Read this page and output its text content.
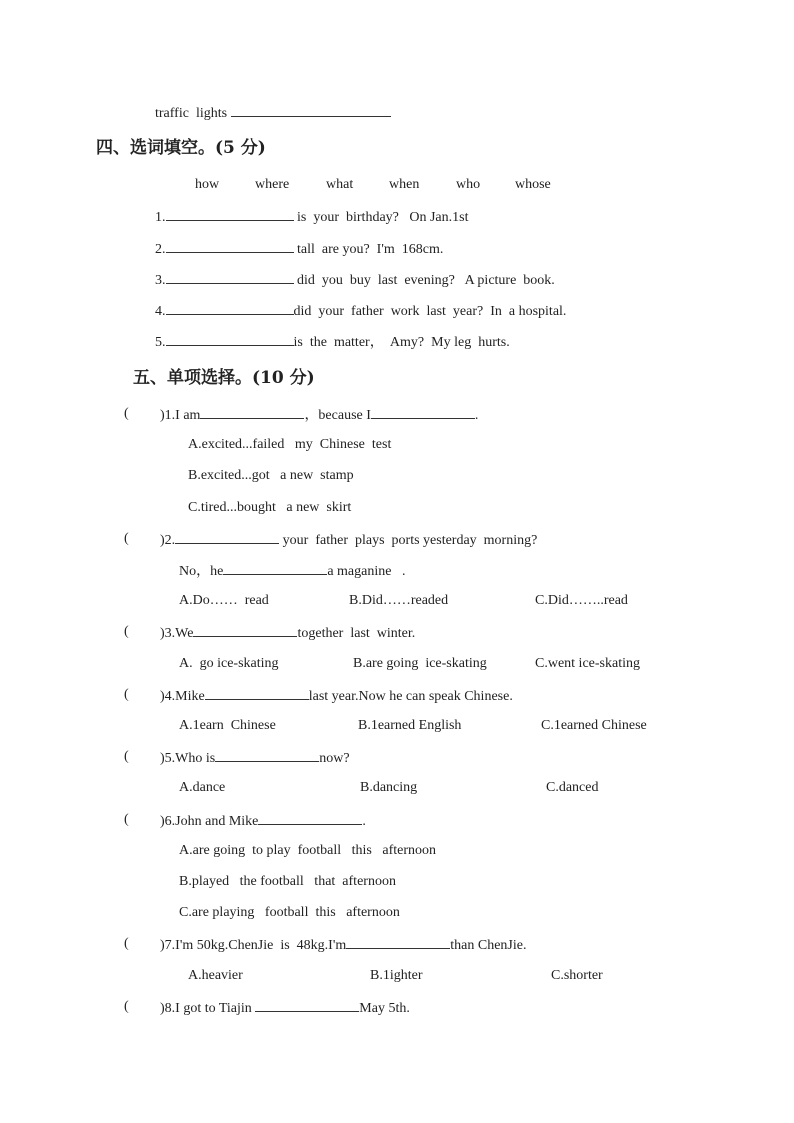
traffic  lights
四、选词填空。(5 分)
how	where	what	when	who whose
1.	is  your  birthday?   On Jan.1st
2.	tall  are you?  I'm  168cm.
3.	did  you  buy  last  evening?   A picture  book.
4.	did  your  father  work  last  year?  In  a hospital.
5.	is  the  matter，  Amy?  My leg  hurts.
五、单项选择。(10 分)
( )1.I am	，because I	.
A.excited...failed   my  Chinese  test
B.excited...got   a new  stamp
C.tired...bought   a new  skirt
( )2.	your  father  plays  ports yesterday  morning?
No，he	a maganine   .
A.Do……  read	B.Did……readed	C.Did……..read
( )3.We	together  last  winter.
A.  go ice-skating	B.are going  ice-skating	C.went ice-skating
( )4.Mike	last year.Now he can speak Chinese.
A.1earn  Chinese	B.1earned English	C.1earned Chinese
( )5.Who is	now?
A.dance	B.dancing	C.danced
( )6.John and Mike	.
A.are going  to play  football   this   afternoon
B.played   the football   that  afternoon
C.are playing   football  this   afternoon
( )7.I'm 50kg.ChenJie  is  48kg.I'm	than ChenJie.
A.heavier	B.1ighter	C.shorter
( )8.I got to Tiajin	May 5th.
